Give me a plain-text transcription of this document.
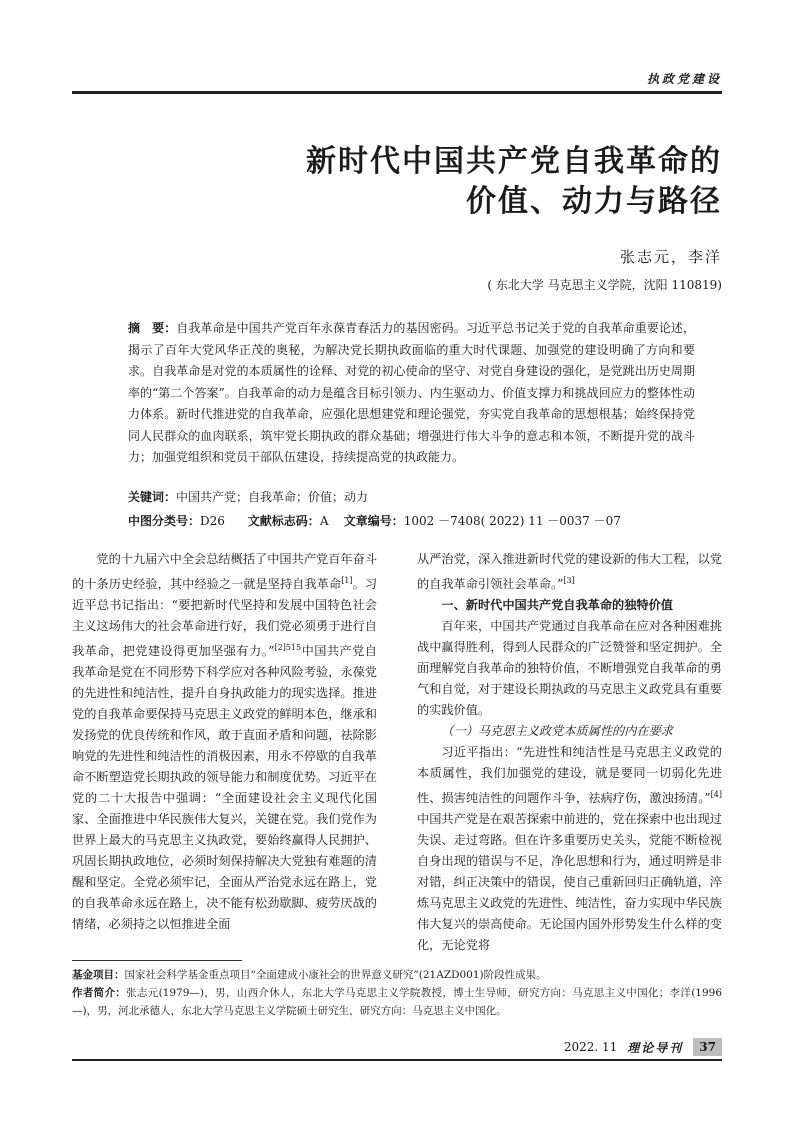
执政党建设
新时代中国共产党自我革命的
价值、动力与路径
张志元，李洋
( 东北大学 马克思主义学院，沈阳 110819)
摘　要：自我革命是中国共产党百年永葆青春活力的基因密码。习近平总书记关于党的自我革命重要论述，揭示了百年大党风华正茂的奥秘，为解决党长期执政面临的重大时代课题、加强党的建设明确了方向和要求。自我革命是对党的本质属性的诠释、对党的初心使命的坚守、对党自身建设的强化，是党跳出历史周期率的“第二个答案”。自我革命的动力是蕴含目标引领力、内生驱动力、价值支撑力和挑战回应力的整体性动力体系。新时代推进党的自我革命，应强化思想建党和理论强党，夯实党自我革命的思想根基；始终保持党同人民群众的血肉联系，筑牢党长期执政的群众基础；增强进行伟大斗争的意志和本领，不断提升党的战斗力；加强党组织和党员干部队伍建设，持续提高党的执政能力。
关键词：中国共产党；自我革命；价值；动力
中图分类号：D26 文献标志码：A 文章编号：1002 －7408( 2022) 11 －0037 －07

党的十九届六中全会总结概括了中国共产党百年奋斗的十条历史经验，其中经验之一就是坚持自我革命[1]。习近平总书记指出：“要把新时代坚持和发展中国特色社会主义这场伟大的社会革命进行好，我们党必须勇于进行自我革命，把党建设得更加坚强有力。”$^{[2]515}$中国共产党自我革命是党在不同形势下科学应对各种风险考验，永葆党的先进性和纯洁性，提升自身执政能力的现实选择。推进党的自我革命要保持马克思主义政党的鲜明本色，继承和发扬党的优良传统和作风，敢于直面矛盾和问题，祛除影响党的先进性和纯洁性的消极因素，用永不停歇的自我革命不断塑造党长期执政的领导能力和制度优势。习近平在党的二十大报告中强调：“全面建设社会主义现代化国家、全面推进中华民族伟大复兴，关键在党。我们党作为世界上最大的马克思主义执政党，要始终赢得人民拥护、巩固长期执政地位，必须时刻保持解决大党独有难题的清醒和坚定。全党必须牢记，全面从严治党永远在路上，党的自我革命永远在路上，决不能有松劲歇脚、疲劳厌战的情绪，必须持之以恒推进全面

从严治党，深入推进新时代党的建设新的伟大工程，以党的自我革命引领社会革命。”[3]

一、新时代中国共产党自我革命的独特价值

百年来，中国共产党通过自我革命在应对各种困难挑战中赢得胜利，得到人民群众的广泛赞誉和坚定拥护。全面理解党自我革命的独特价值，不断增强党自我革命的勇气和自觉，对于建设长期执政的马克思主义政党具有重要的实践价值。

（一）马克思主义政党本质属性的内在要求

习近平指出：“先进性和纯洁性是马克思主义政党的本质属性，我们加强党的建设，就是要同一切弱化先进性、损害纯洁性的问题作斗争，祛病疗伤，激浊扬清。”[4]中国共产党是在艰苦探索中前进的，党在探索中也出现过失误、走过弯路。但在许多重要历史关头，党能不断检视自身出现的错误与不足，净化思想和行为，通过明辨是非对错，纠正决策中的错误，使自己重新回归正确轨道，淬炼马克思主义政党的先进性、纯洁性，奋力实现中华民族伟大复兴的崇高使命。无论国内国外形势发生什么样的变化，无论党将

基金项目：国家社会科学基金重点项目“全面建成小康社会的世界意义研究”(21AZD001)阶段性成果。
作者简介：张志元(1979—)，男，山西介休人，东北大学马克思主义学院教授，博士生导师，研究方向：马克思主义中国化；李洋(1996—)，男，河北承德人，东北大学马克思主义学院硕士研究生，研究方向：马克思主义中国化。
2022. 11 理论导刊	37
